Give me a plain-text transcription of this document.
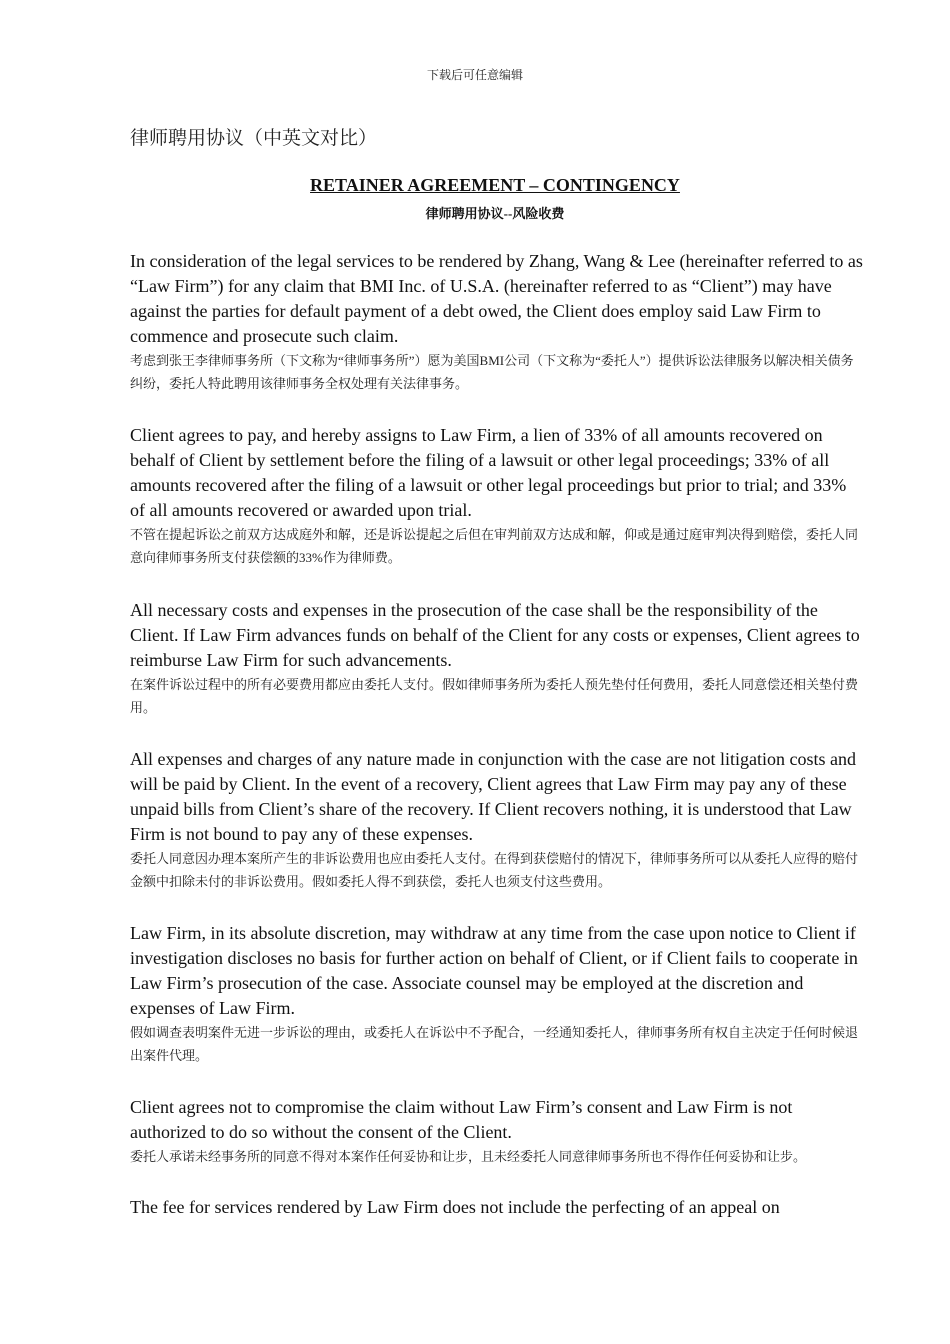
下载后可任意编辑
律师聘用协议（中英文对比）
RETAINER AGREEMENT – CONTINGENCY
律师聘用协议--风险收费

In consideration of the legal services to be rendered by Zhang, Wang & Lee (hereinafter referred to as “Law Firm”) for any claim that BMI Inc. of U.S.A. (hereinafter referred to as “Client”) may have against the parties for default payment of a debt owed, the Client does employ said Law Firm to commence and prosecute such claim.

考虑到张王李律师事务所（下文称为“律师事务所”）愿为美国BMI公司（下文称为“委托人”）提供诉讼法律服务以解决相关债务纠纷，委托人特此聘用该律师事务全权处理有关法律事务。

Client agrees to pay, and hereby assigns to Law Firm, a lien of 33% of all amounts recovered on behalf of Client by settlement before the filing of a lawsuit or other legal proceedings; 33% of all amounts recovered after the filing of a lawsuit or other legal proceedings but prior to trial; and 33% of all amounts recovered or awarded upon trial.

不管在提起诉讼之前双方达成庭外和解，还是诉讼提起之后但在审判前双方达成和解，仰或是通过庭审判决得到赔偿，委托人同意向律师事务所支付获偿额的33%作为律师费。

All necessary costs and expenses in the prosecution of the case shall be the responsibility of the Client. If Law Firm advances funds on behalf of the Client for any costs or expenses, Client agrees to reimburse Law Firm for such advancements.

在案件诉讼过程中的所有必要费用都应由委托人支付。假如律师事务所为委托人预先垫付任何费用，委托人同意偿还相关垫付费用。

All expenses and charges of any nature made in conjunction with the case are not litigation costs and will be paid by Client. In the event of a recovery, Client agrees that Law Firm may pay any of these unpaid bills from Client’s share of the recovery. If Client recovers nothing, it is understood that Law Firm is not bound to pay any of these expenses.

委托人同意因办理本案所产生的非诉讼费用也应由委托人支付。在得到获偿赔付的情况下，律师事务所可以从委托人应得的赔付金额中扣除未付的非诉讼费用。假如委托人得不到获偿，委托人也须支付这些费用。

Law Firm, in its absolute discretion, may withdraw at any time from the case upon notice to Client if investigation discloses no basis for further action on behalf of Client, or if Client fails to cooperate in Law Firm’s prosecution of the case. Associate counsel may be employed at the discretion and expenses of Law Firm.

假如调查表明案件无进一步诉讼的理由，或委托人在诉讼中不予配合，一经通知委托人，律师事务所有权自主决定于任何时候退出案件代理。

Client agrees not to compromise the claim without Law Firm’s consent and Law Firm is not authorized to do so without the consent of the Client.

委托人承诺未经事务所的同意不得对本案作任何妥协和让步，且未经委托人同意律师事务所也不得作任何妥协和让步。

The fee for services rendered by Law Firm does not include the perfecting of an appeal on
